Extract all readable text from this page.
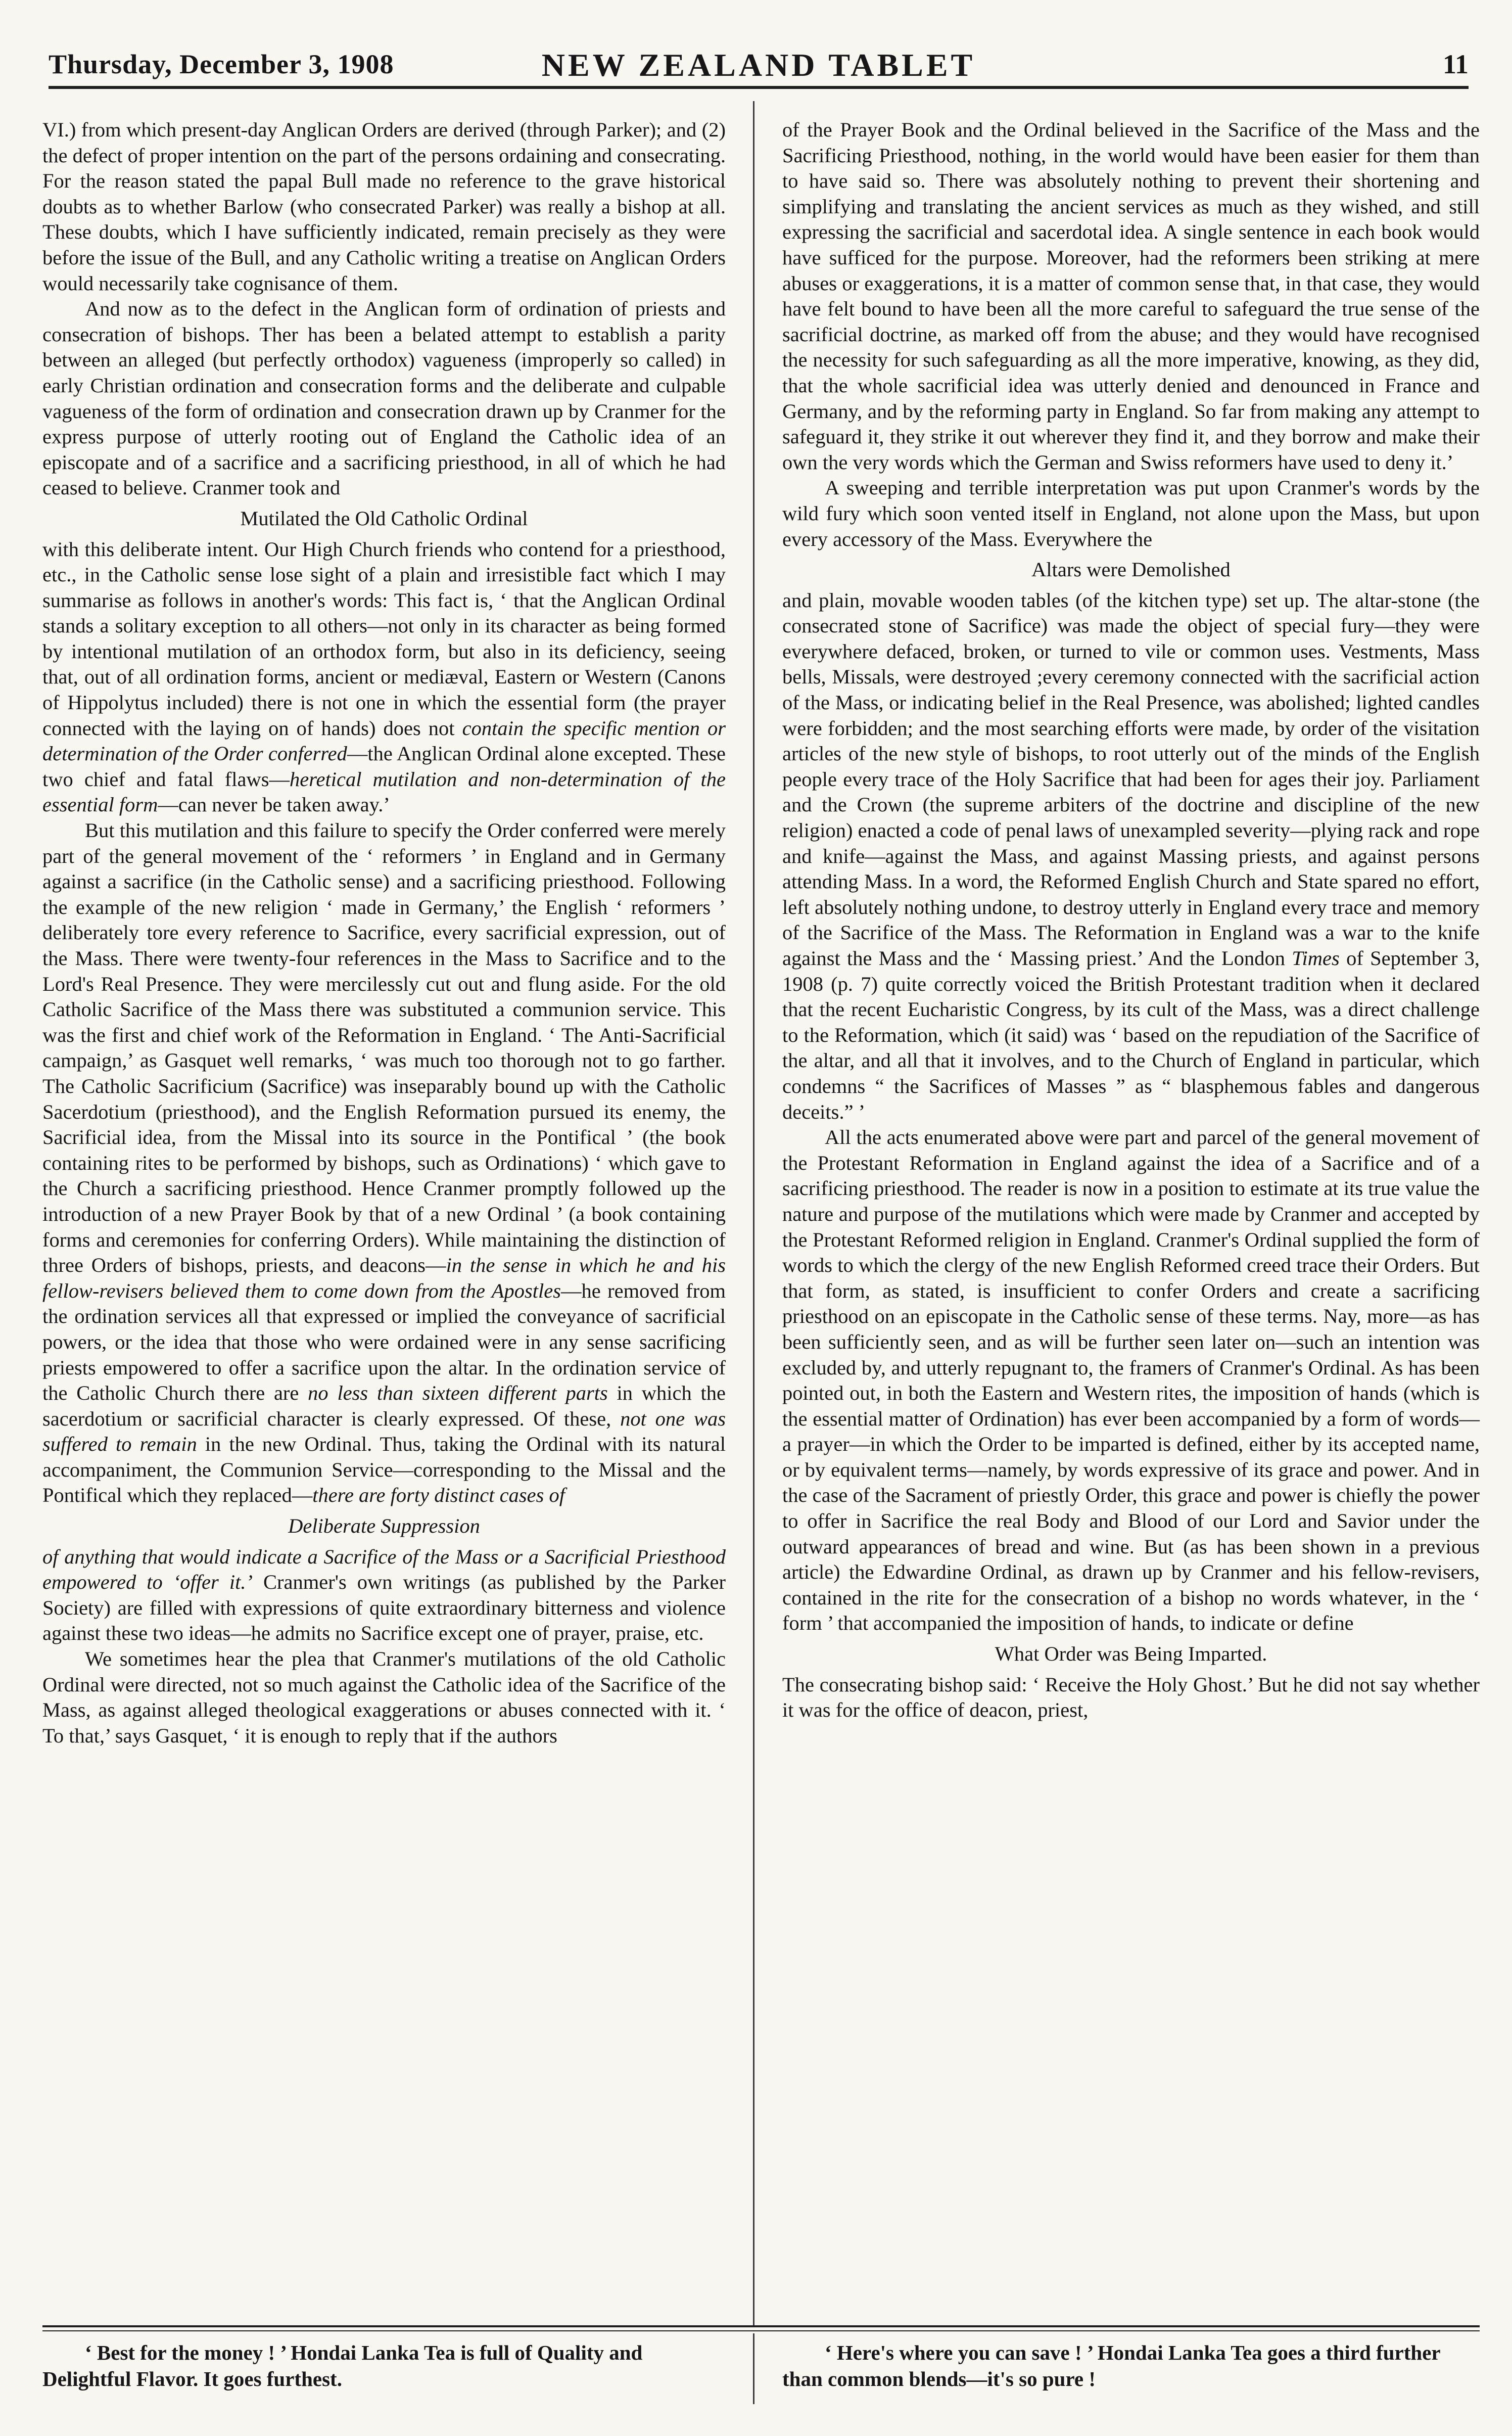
Thursday, December 3, 1908	NEW ZEALAND TABLET	11

VI.) from which present-day Anglican Orders are derived (through Parker); and (2) the defect of proper intention on the part of the persons ordaining and consecrating. For the reason stated the papal Bull made no reference to the grave historical doubts as to whether Barlow (who consecrated Parker) was really a bishop at all. These doubts, which I have sufficiently indicated, remain precisely as they were before the issue of the Bull, and any Catholic writing a treatise on Anglican Orders would necessarily take cognisance of them.

And now as to the defect in the Anglican form of ordination of priests and consecration of bishops. Ther has been a belated attempt to establish a parity between an alleged (but perfectly orthodox) vagueness (improperly so called) in early Christian ordination and consecration forms and the deliberate and culpable vagueness of the form of ordination and consecration drawn up by Cranmer for the express purpose of utterly rooting out of England the Catholic idea of an episcopate and of a sacrifice and a sacrificing priesthood, in all of which he had ceased to believe. Cranmer took and

Mutilated the Old Catholic Ordinal

with this deliberate intent. Our High Church friends who contend for a priesthood, etc., in the Catholic sense lose sight of a plain and irresistible fact which I may summarise as follows in another's words: This fact is, ‘ that the Anglican Ordinal stands a solitary exception to all others—not only in its character as being formed by intentional mutilation of an orthodox form, but also in its deficiency, seeing that, out of all ordination forms, ancient or mediæval, Eastern or Western (Canons of Hippolytus included) there is not one in which the essential form (the prayer connected with the laying on of hands) does not contain the specific mention or determination of the Order conferred—the Anglican Ordinal alone excepted. These two chief and fatal flaws—heretical mutilation and non-determination of the essential form—can never be taken away.’

But this mutilation and this failure to specify the Order conferred were merely part of the general movement of the ‘ reformers ’ in England and in Germany against a sacrifice (in the Catholic sense) and a sacrificing priesthood. Following the example of the new religion ‘ made in Germany,’ the English ‘ reformers ’ deliberately tore every reference to Sacrifice, every sacrificial expression, out of the Mass. There were twenty-four references in the Mass to Sacrifice and to the Lord's Real Presence. They were mercilessly cut out and flung aside. For the old Catholic Sacrifice of the Mass there was substituted a communion service. This was the first and chief work of the Reformation in England. ‘ The Anti-Sacrificial campaign,’ as Gasquet well remarks, ‘ was much too thorough not to go farther. The Catholic Sacrificium (Sacrifice) was inseparably bound up with the Catholic Sacerdotium (priesthood), and the English Reformation pursued its enemy, the Sacrificial idea, from the Missal into its source in the Pontifical ’ (the book containing rites to be performed by bishops, such as Ordinations) ‘ which gave to the Church a sacrificing priesthood. Hence Cranmer promptly followed up the introduction of a new Prayer Book by that of a new Ordinal ’ (a book containing forms and ceremonies for conferring Orders). While maintaining the distinction of three Orders of bishops, priests, and deacons—in the sense in which he and his fellow-revisers believed them to come down from the Apostles—he removed from the ordination services all that expressed or implied the conveyance of sacrificial powers, or the idea that those who were ordained were in any sense sacrificing priests empowered to offer a sacrifice upon the altar. In the ordination service of the Catholic Church there are no less than sixteen different parts in which the sacerdotium or sacrificial character is clearly expressed. Of these, not one was suffered to remain in the new Ordinal. Thus, taking the Ordinal with its natural accompaniment, the Communion Service—corresponding to the Missal and the Pontifical which they replaced—there are forty distinct cases of

Deliberate Suppression

of anything that would indicate a Sacrifice of the Mass or a Sacrificial Priesthood empowered to ‘offer it.’ Cranmer's own writings (as published by the Parker Society) are filled with expressions of quite extraordinary bitterness and violence against these two ideas—he admits no Sacrifice except one of prayer, praise, etc.

We sometimes hear the plea that Cranmer's mutilations of the old Catholic Ordinal were directed, not so much against the Catholic idea of the Sacrifice of the Mass, as against alleged theological exaggerations or abuses connected with it. ‘ To that,’ says Gasquet, ‘ it is enough to reply that if the authors

of the Prayer Book and the Ordinal believed in the Sacrifice of the Mass and the Sacrificing Priesthood, nothing, in the world would have been easier for them than to have said so. There was absolutely nothing to prevent their shortening and simplifying and translating the ancient services as much as they wished, and still expressing the sacrificial and sacerdotal idea. A single sentence in each book would have sufficed for the purpose. Moreover, had the reformers been striking at mere abuses or exaggerations, it is a matter of common sense that, in that case, they would have felt bound to have been all the more careful to safeguard the true sense of the sacrificial doctrine, as marked off from the abuse; and they would have recognised the necessity for such safeguarding as all the more imperative, knowing, as they did, that the whole sacrificial idea was utterly denied and denounced in France and Germany, and by the reforming party in England. So far from making any attempt to safeguard it, they strike it out wherever they find it, and they borrow and make their own the very words which the German and Swiss reformers have used to deny it.’

A sweeping and terrible interpretation was put upon Cranmer's words by the wild fury which soon vented itself in England, not alone upon the Mass, but upon every accessory of the Mass. Everywhere the

Altars were Demolished

and plain, movable wooden tables (of the kitchen type) set up. The altar-stone (the consecrated stone of Sacrifice) was made the object of special fury—they were everywhere defaced, broken, or turned to vile or common uses. Vestments, Mass bells, Missals, were destroyed ;every ceremony connected with the sacrificial action of the Mass, or indicating belief in the Real Presence, was abolished; lighted candles were forbidden; and the most searching efforts were made, by order of the visitation articles of the new style of bishops, to root utterly out of the minds of the English people every trace of the Holy Sacrifice that had been for ages their joy. Parliament and the Crown (the supreme arbiters of the doctrine and discipline of the new religion) enacted a code of penal laws of unexampled severity—plying rack and rope and knife—against the Mass, and against Massing priests, and against persons attending Mass. In a word, the Reformed English Church and State spared no effort, left absolutely nothing undone, to destroy utterly in England every trace and memory of the Sacrifice of the Mass. The Reformation in England was a war to the knife against the Mass and the ‘ Massing priest.’ And the London Times of September 3, 1908 (p. 7) quite correctly voiced the British Protestant tradition when it declared that the recent Eucharistic Congress, by its cult of the Mass, was a direct challenge to the Reformation, which (it said) was ‘ based on the repudiation of the Sacrifice of the altar, and all that it involves, and to the Church of England in particular, which condemns “ the Sacrifices of Masses ” as “ blasphemous fables and dangerous deceits.” ’

All the acts enumerated above were part and parcel of the general movement of the Protestant Reformation in England against the idea of a Sacrifice and of a sacrificing priesthood. The reader is now in a position to estimate at its true value the nature and purpose of the mutilations which were made by Cranmer and accepted by the Protestant Reformed religion in England. Cranmer's Ordinal supplied the form of words to which the clergy of the new English Reformed creed trace their Orders. But that form, as stated, is insufficient to confer Orders and create a sacrificing priesthood on an episcopate in the Catholic sense of these terms. Nay, more—as has been sufficiently seen, and as will be further seen later on—such an intention was excluded by, and utterly repugnant to, the framers of Cranmer's Ordinal. As has been pointed out, in both the Eastern and Western rites, the imposition of hands (which is the essential matter of Ordination) has ever been accompanied by a form of words—a prayer—in which the Order to be imparted is defined, either by its accepted name, or by equivalent terms—namely, by words expressive of its grace and power. And in the case of the Sacrament of priestly Order, this grace and power is chiefly the power to offer in Sacrifice the real Body and Blood of our Lord and Savior under the outward appearances of bread and wine. But (as has been shown in a previous article) the Edwardine Ordinal, as drawn up by Cranmer and his fellow-revisers, contained in the rite for the consecration of a bishop no words whatever, in the ‘ form ’ that accompanied the imposition of hands, to indicate or define

What Order was Being Imparted.

The consecrating bishop said: ‘ Receive the Holy Ghost.’ But he did not say whether it was for the office of deacon, priest,

‘ Best for the money ! ’ Hondai Lanka Tea is full of Quality and Delightful Flavor. It goes furthest.

‘ Here's where you can save ! ’ Hondai Lanka Tea goes a third further than common blends—it's so pure !
